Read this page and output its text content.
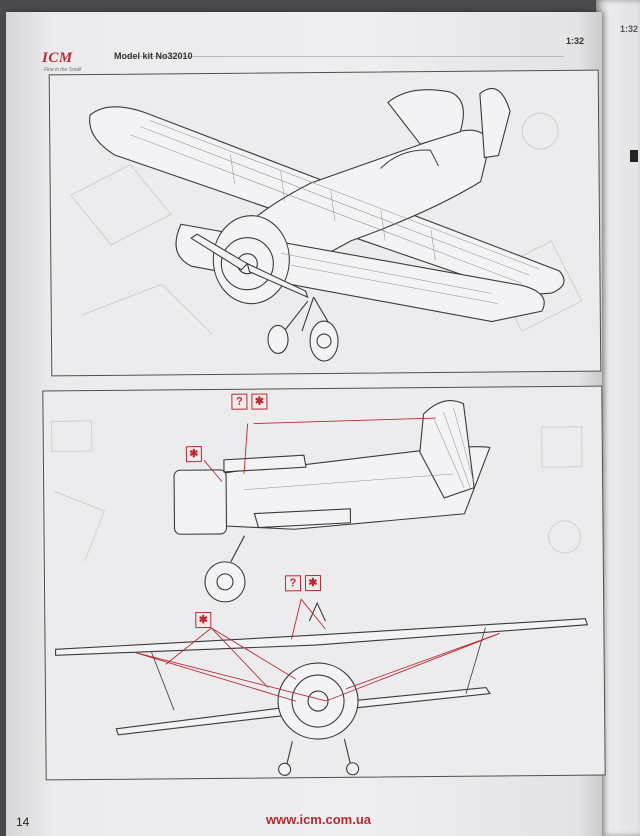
1:32
ICM
Fine in the Small
Model kit No32010
1:32
?	✱
✱
?	✱
✱
14	www.icm.com.ua
